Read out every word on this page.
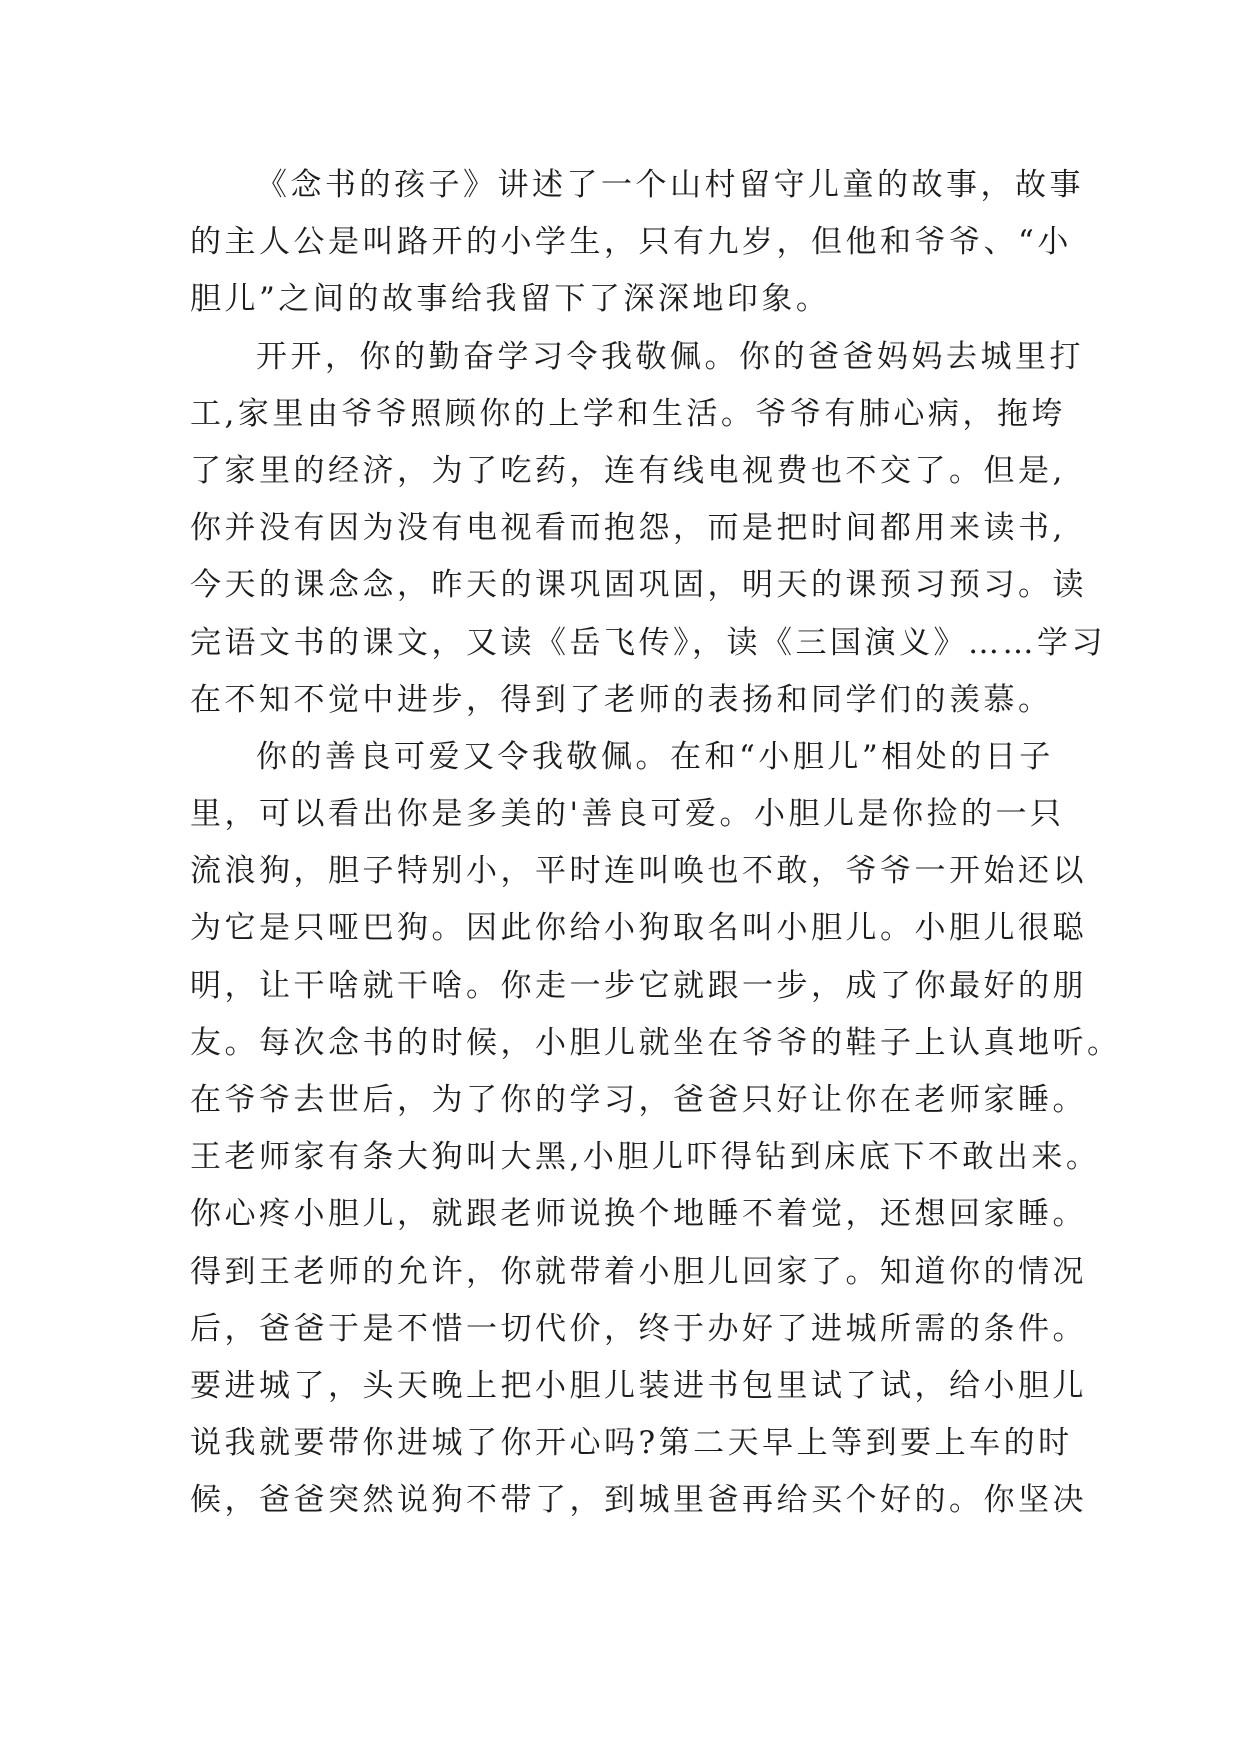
《念书的孩子》讲述了一个山村留守儿童的故事，故事
的主人公是叫路开的小学生，只有九岁，但他和爷爷、“小
胆儿”之间的故事给我留下了深深地印象。
开开，你的勤奋学习令我敬佩。你的爸爸妈妈去城里打
工,家里由爷爷照顾你的上学和生活。爷爷有肺心病，拖垮
了家里的经济，为了吃药，连有线电视费也不交了。但是,
你并没有因为没有电视看而抱怨，而是把时间都用来读书,
今天的课念念，昨天的课巩固巩固，明天的课预习预习。读
完语文书的课文，又读《岳飞传》，读《三国演义》……学习
在不知不觉中进步，得到了老师的表扬和同学们的羡慕。
你的善良可爱又令我敬佩。在和“小胆儿”相处的日子
里，可以看出你是多美的'善良可爱。小胆儿是你捡的一只
流浪狗，胆子特别小，平时连叫唤也不敢，爷爷一开始还以
为它是只哑巴狗。因此你给小狗取名叫小胆儿。小胆儿很聪
明，让干啥就干啥。你走一步它就跟一步，成了你最好的朋
友。每次念书的时候，小胆儿就坐在爷爷的鞋子上认真地听。
在爷爷去世后，为了你的学习，爸爸只好让你在老师家睡。
王老师家有条大狗叫大黑,小胆儿吓得钻到床底下不敢出来。
你心疼小胆儿，就跟老师说换个地睡不着觉，还想回家睡。
得到王老师的允许，你就带着小胆儿回家了。知道你的情况
后，爸爸于是不惜一切代价，终于办好了进城所需的条件。
要进城了，头天晚上把小胆儿装进书包里试了试，给小胆儿
说我就要带你进城了你开心吗?第二天早上等到要上车的时
候，爸爸突然说狗不带了，到城里爸再给买个好的。你坚决
